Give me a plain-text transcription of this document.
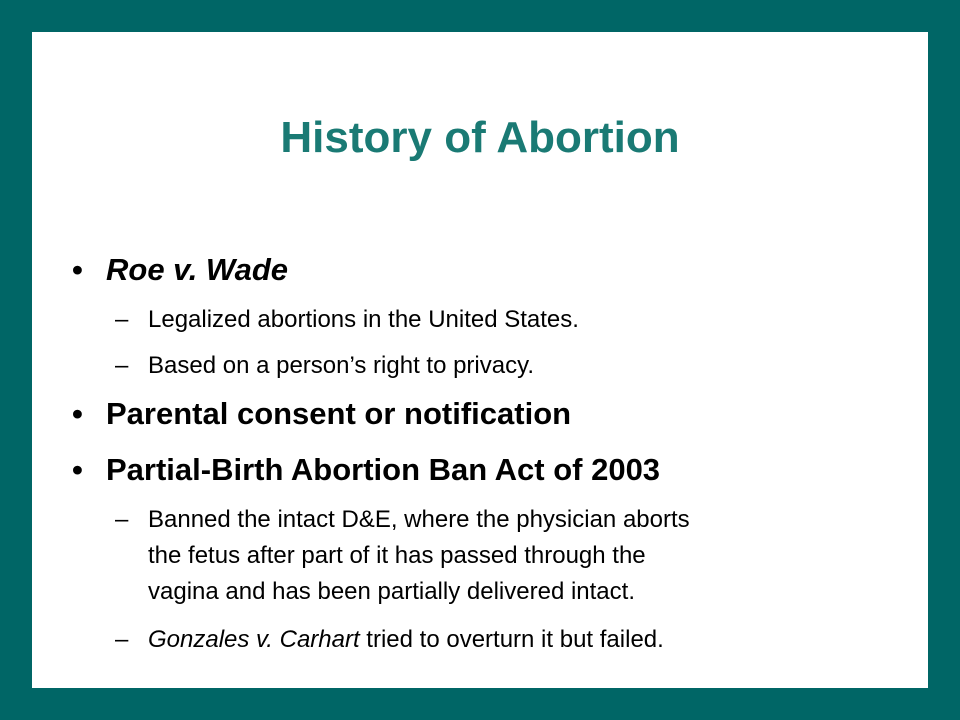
History of Abortion
• Roe v. Wade
– Legalized abortions in the United States.
– Based on a person’s right to privacy.
• Parental consent or notification
• Partial-Birth Abortion Ban Act of 2003
– Banned the intact D&E, where the physician aborts
the fetus after part of it has passed through the
vagina and has been partially delivered intact.
– Gonzales v. Carhart tried to overturn it but failed.
